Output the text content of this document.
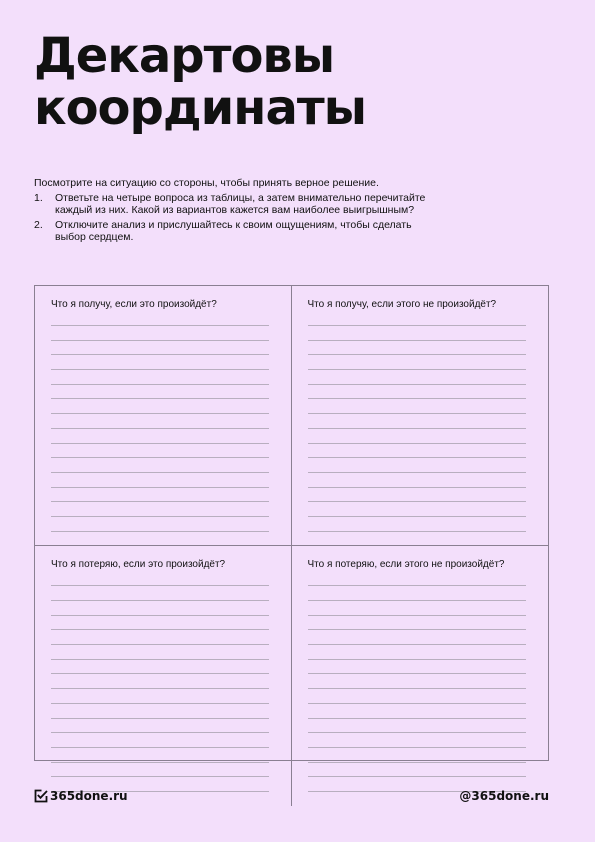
Декартовы
координаты

Посмотрите на ситуацию со стороны, чтобы принять верное решение.

1. Ответьте на четыре вопроса из таблицы, а затем внимательно перечитайте каждый из них. Какой из вариантов кажется вам наиболее выигрышным?
2. Отключите анализ и прислушайтесь к своим ощущениям, чтобы сделать выбор сердцем.
Что я получу, если это произойдёт?	Что я получу, если этого не произойдёт?
Что я потеряю, если это произойдёт?	Что я потеряю, если этого не произойдёт?
365done.ru	@365done.ru
